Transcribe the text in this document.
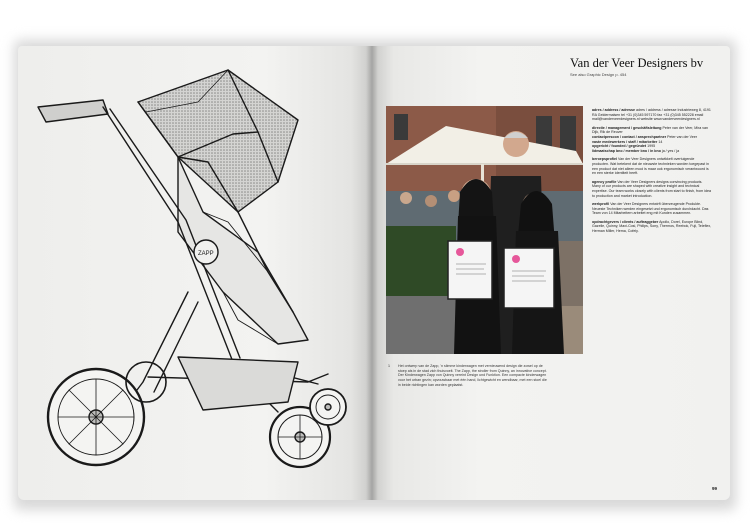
ZAPP
Van der Veer Designers bv
See also Graphic Design p. 454

adres / address / adresse adres / address / adresse Industrieweg 8, 4191 RA Geldermalsen tel +31 (0)345 597170 fax +31 (0)345 552228 email mail@vanderveerdesigners.nl website www.vanderveerdesigners.nl

directie / management / geschäftsleitung Peter van der Veer, Mira van Dijk, Rik de Reuver
contactpersoon / contact / ansprechpartner Peter van der Veer
vaste medewerkers / staff / mitarbeiter 14
opgericht / founded / gegründet 1995
lidmaatschap bno / member bno / in bno ja / yes / ja

beroepsprofiel Van der Veer Designers ontwikkelt overtuigende producten. Wat betekent dat de nieuwste technieken worden toegepast in een product dat niet alleen mooi is maar ook ergonomisch verantwoord is en een sterke identiteit heeft.

agency profile Van der Veer Designers designs convincing products. Many of our products are shaped with creative insight and technical expertise. Our team works closely with clients from start to finish, from idea to production and market introduction.

werkprofil Van der Veer Designers entwirft überzeugende Produkte. Neueste Techniken werden eingesetzt und ergonomisch durchdacht. Das Team von 14 Mitarbeitern arbeitet eng mit Kunden zusammen.

opdrachtgevers / clients / auftraggeber Apollo, Dorel, Europe Blind, Gazelle, Quinny, Maxi-Cosi, Philips, Sony, Thermos, Reebok, Fuji, Teleflex, Herman Miller, Hema, Cofely.

1 Het ontwerp van de Zapp, 'n slimme kinderwagen met vernieuwend design die zowel op de stoep als in de stad zich thuisvoelt. The Zapp, the stroller from Quinny, an innovative concept. Der Kinderwagen Zapp von Quinny vereint Design und Funktion. Een compacte kinderwagen voor het urban gezin; opvouwbaar met één hand, lichtgewicht en wendbaar, met een stoel die in beide richtingen kan worden geplaatst.
99
